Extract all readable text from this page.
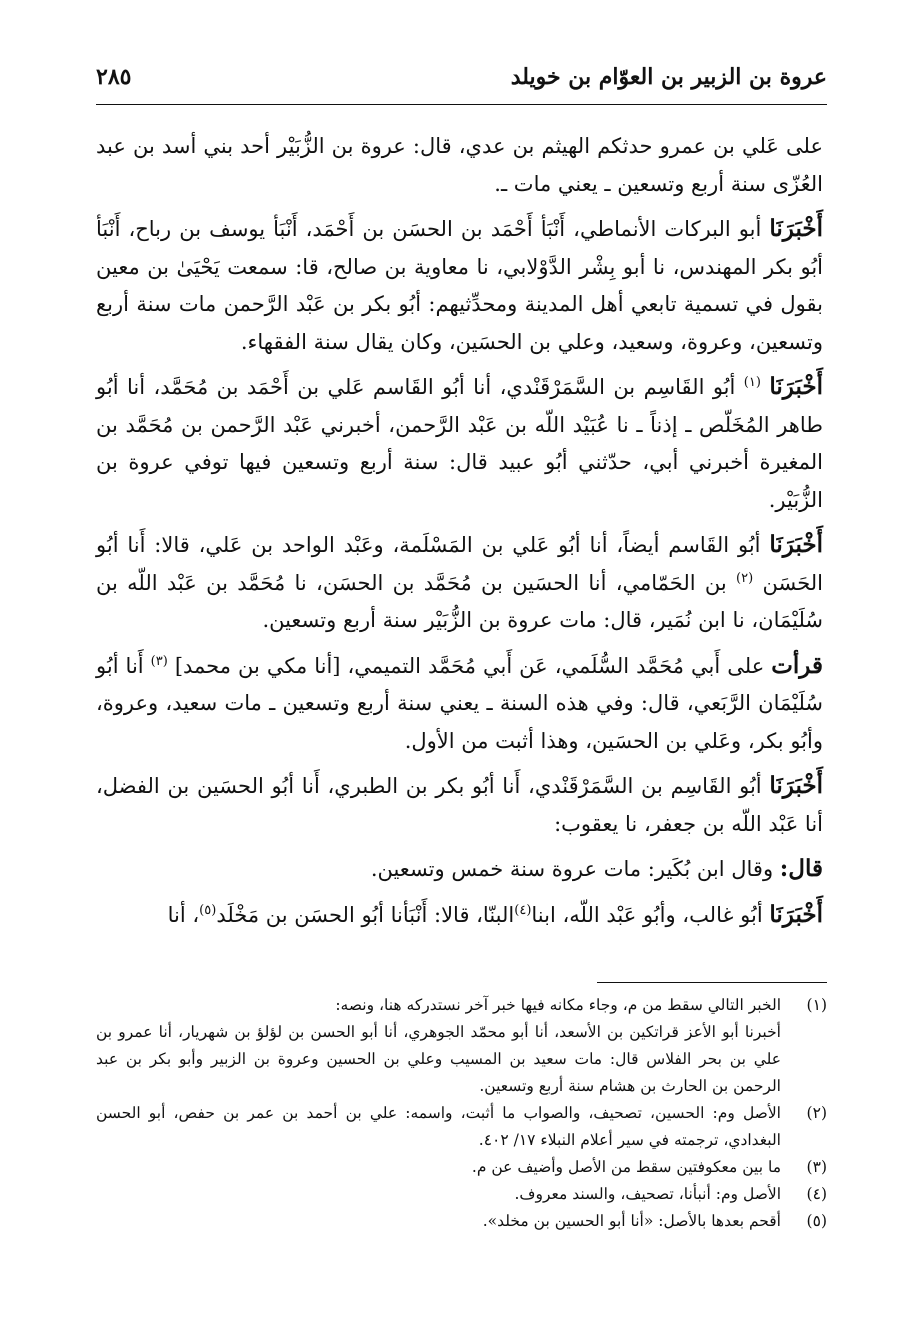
عروة بن الزبير بن العوّام بن خويلد
٢٨٥

على عَلي بن عمرو حدثكم الهيثم بن عدي، قال: عروة بن الزُّبَيْر أحد بني أسد بن عبد العُزّى سنة أربع وتسعين ـ يعني مات ـ.

أَخْبَرَنَا أبو البركات الأنماطي، أَنْبَأ أَحْمَد بن الحسَن بن أَحْمَد، أَنْبَأ يوسف بن رباح، أَنْبَأ أبُو بكر المهندس، نا أبو بِشْر الدَّوْلابي، نا معاوية بن صالح، قا: سمعت يَحْيَىٰ بن معين بقول في تسمية تابعي أهل المدينة ومحدِّثيهم: أبُو بكر بن عَبْد الرَّحمن مات سنة أربع وتسعين، وعروة، وسعيد، وعلي بن الحسَين، وكان يقال سنة الفقهاء.

أَخْبَرَنَا $^{(١)}$ أبُو القَاسِم بن السَّمَرْقَنْدي، أنا أبُو القَاسم عَلي بن أَحْمَد بن مُحَمَّد، أنا أبُو طاهر المُخَلّص ـ إذناً ـ نا عُبَيْد اللّه بن عَبْد الرَّحمن، أخبرني عَبْد الرَّحمن بن مُحَمَّد بن المغيرة أخبرني أبي، حدّثني أبُو عبيد قال: سنة أربع وتسعين فيها توفي عروة بن الزُّبَيْر.

أَخْبَرَنَا أبُو القَاسم أيضاً، أنا أبُو عَلي بن المَسْلَمة، وعَبْد الواحد بن عَلي، قالا: أَنا أبُو الحَسَن $^{(٢)}$ بن الحَمّامي، أنا الحسَين بن مُحَمَّد بن الحسَن، نا مُحَمَّد بن عَبْد اللّه بن سُلَيْمَان، نا ابن نُمَير، قال: مات عروة بن الزُّبَيْر سنة أربع وتسعين.

قرأت على أَبي مُحَمَّد السُّلَمي، عَن أَبي مُحَمَّد التميمي، [أنا مكي بن محمد] $^{(٣)}$ أَنا أبُو سُلَيْمَان الرَّبَعي، قال: وفي هذه السنة ـ يعني سنة أربع وتسعين ـ مات سعيد، وعروة، وأبُو بكر، وعَلي بن الحسَين، وهذا أثبت من الأول.

أَخْبَرَنَا أبُو القَاسِم بن السَّمَرْقَنْدي، أَنا أبُو بكر بن الطبري، أَنا أبُو الحسَين بن الفضل، أنا عَبْد اللّه بن جعفر، نا يعقوب:

قال: وقال ابن بُكَير: مات عروة سنة خمس وتسعين.

أَخْبَرَنَا أبُو غالب، وأبُو عَبْد اللّه، ابنا$^{(٤)}$البنّا، قالا: أَنْبَأنا أبُو الحسَن بن مَخْلَد$^{(٥)}$، أنا

(١)
الخبر التالي سقط من م، وجاء مكانه فيها خبر آخر نستدركه هنا، ونصه:
أخبرنا أبو الأعز قراتكين بن الأسعد، أنا أبو محمّد الجوهري، أنا أبو الحسن بن لؤلؤ بن شهريار، أنا عمرو بن علي بن بحر الفلاس قال: مات سعيد بن المسيب وعلي بن الحسين وعروة بن الزبير وأبو بكر بن عبد الرحمن بن الحارث بن هشام سنة أربع وتسعين.
(٢)
الأصل وم: الحسين، تصحيف، والصواب ما أثبت، واسمه: علي بن أحمد بن عمر بن حفص، أبو الحسن البغدادي، ترجمته في سير أعلام النبلاء ١٧/ ٤٠٢.
(٣)
ما بين معكوفتين سقط من الأصل وأضيف عن م.
(٤)
الأصل وم: أنبأنا، تصحيف، والسند معروف.
(٥)
أقحم بعدها بالأصل: «أنا أبو الحسين بن مخلد».
